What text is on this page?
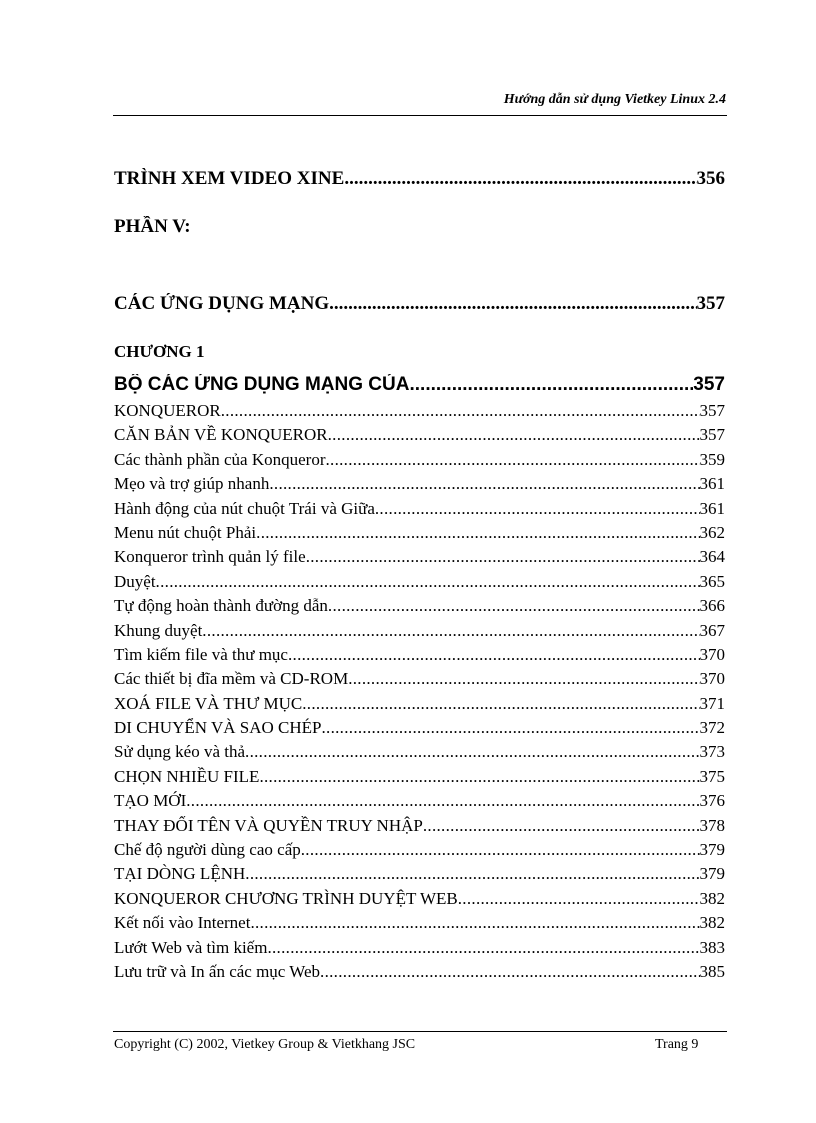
Hướng dẫn sử dụng Vietkey Linux 2.4
TRÌNH XEM VIDEO XINE .....	356
PHẦN V:
CÁC ỨNG DỤNG MẠNG .....	357
CHƯƠNG 1
BỘ CÁC ỨNG DỤNG MẠNG CỦA .....	357
KONQUEROR .....	357
CĂN BẢN VỀ KONQUEROR .....	357
Các thành phần của Konqueror .....	359
Mẹo và trợ giúp nhanh .....	361
Hành động của nút chuột Trái và Giữa .....	361
Menu nút chuột Phải .....	362
Konqueror trình quản lý file .....	364
Duyệt .....	365
Tự động hoàn thành đường dẫn .....	366
Khung duyệt .....	367
Tìm kiếm file và thư mục .....	370
Các thiết bị đĩa mềm và CD-ROM .....	370
XOÁ FILE VÀ THƯ MỤC .....	371
DI CHUYỂN VÀ SAO CHÉP .....	372
Sử dụng kéo và thả .....	373
CHỌN NHIỀU FILE .....	375
TẠO MỚI .....	376
THAY ĐỔI TÊN VÀ QUYỀN TRUY NHẬP .....	378
Chế độ người dùng cao cấp .....	379
TẠI DÒNG LỆNH .....	379
KONQUEROR CHƯƠNG TRÌNH DUYỆT WEB .....	382
Kết nối vào Internet .....	382
Lướt Web và tìm kiếm .....	383
Lưu trữ và In ấn các mục Web .....	385
Copyright (C) 2002, Vietkey Group & Vietkhang JSC	Trang 9
